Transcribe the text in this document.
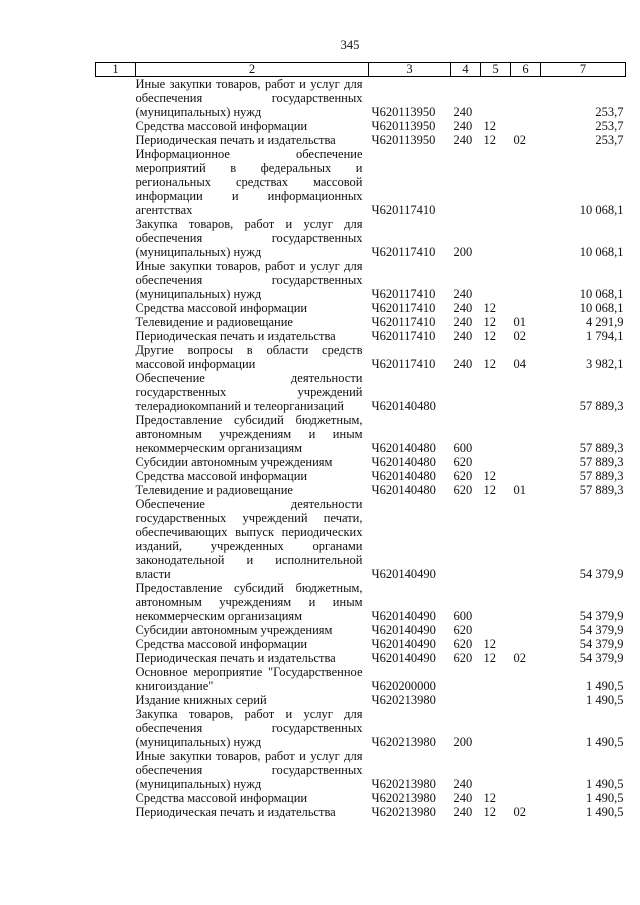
345
1	2	3	4	5	6	7
	Иные закупки товаров, работ и услуг для обеспечения государственных (муниципальных) нужд	Ч620113950	240			253,7
	Средства массовой информации	Ч620113950	240	12		253,7
	Периодическая печать и издательства	Ч620113950	240	12	02	253,7
	Информационное обеспечение мероприятий в федеральных и региональных средствах массовой информации и информационных агентствах	Ч620117410				10 068,1
	Закупка товаров, работ и услуг для обеспечения государственных (муниципальных) нужд	Ч620117410	200			10 068,1
	Иные закупки товаров, работ и услуг для обеспечения государственных (муниципальных) нужд	Ч620117410	240			10 068,1
	Средства массовой информации	Ч620117410	240	12		10 068,1
	Телевидение и радиовещание	Ч620117410	240	12	01	4 291,9
	Периодическая печать и издательства	Ч620117410	240	12	02	1 794,1
	Другие вопросы в области средств массовой информации	Ч620117410	240	12	04	3 982,1
	Обеспечение деятельности государственных учреждений телерадиокомпаний и телеорганизаций	Ч620140480				57 889,3
	Предоставление субсидий бюджетным, автономным учреждениям и иным некоммерческим организациям	Ч620140480	600			57 889,3
	Субсидии автономным учреждениям	Ч620140480	620			57 889,3
	Средства массовой информации	Ч620140480	620	12		57 889,3
	Телевидение и радиовещание	Ч620140480	620	12	01	57 889,3
	Обеспечение деятельности государственных учреждений печати, обеспечивающих выпуск периодических изданий, учрежденных органами законодательной и исполнительной власти	Ч620140490				54 379,9
	Предоставление субсидий бюджетным, автономным учреждениям и иным некоммерческим организациям	Ч620140490	600			54 379,9
	Субсидии автономным учреждениям	Ч620140490	620			54 379,9
	Средства массовой информации	Ч620140490	620	12		54 379,9
	Периодическая печать и издательства	Ч620140490	620	12	02	54 379,9
	Основное мероприятие "Государственное книгоиздание"	Ч620200000				1 490,5
	Издание книжных серий	Ч620213980				1 490,5
	Закупка товаров, работ и услуг для обеспечения государственных (муниципальных) нужд	Ч620213980	200			1 490,5
	Иные закупки товаров, работ и услуг для обеспечения государственных (муниципальных) нужд	Ч620213980	240			1 490,5
	Средства массовой информации	Ч620213980	240	12		1 490,5
	Периодическая печать и издательства	Ч620213980	240	12	02	1 490,5
